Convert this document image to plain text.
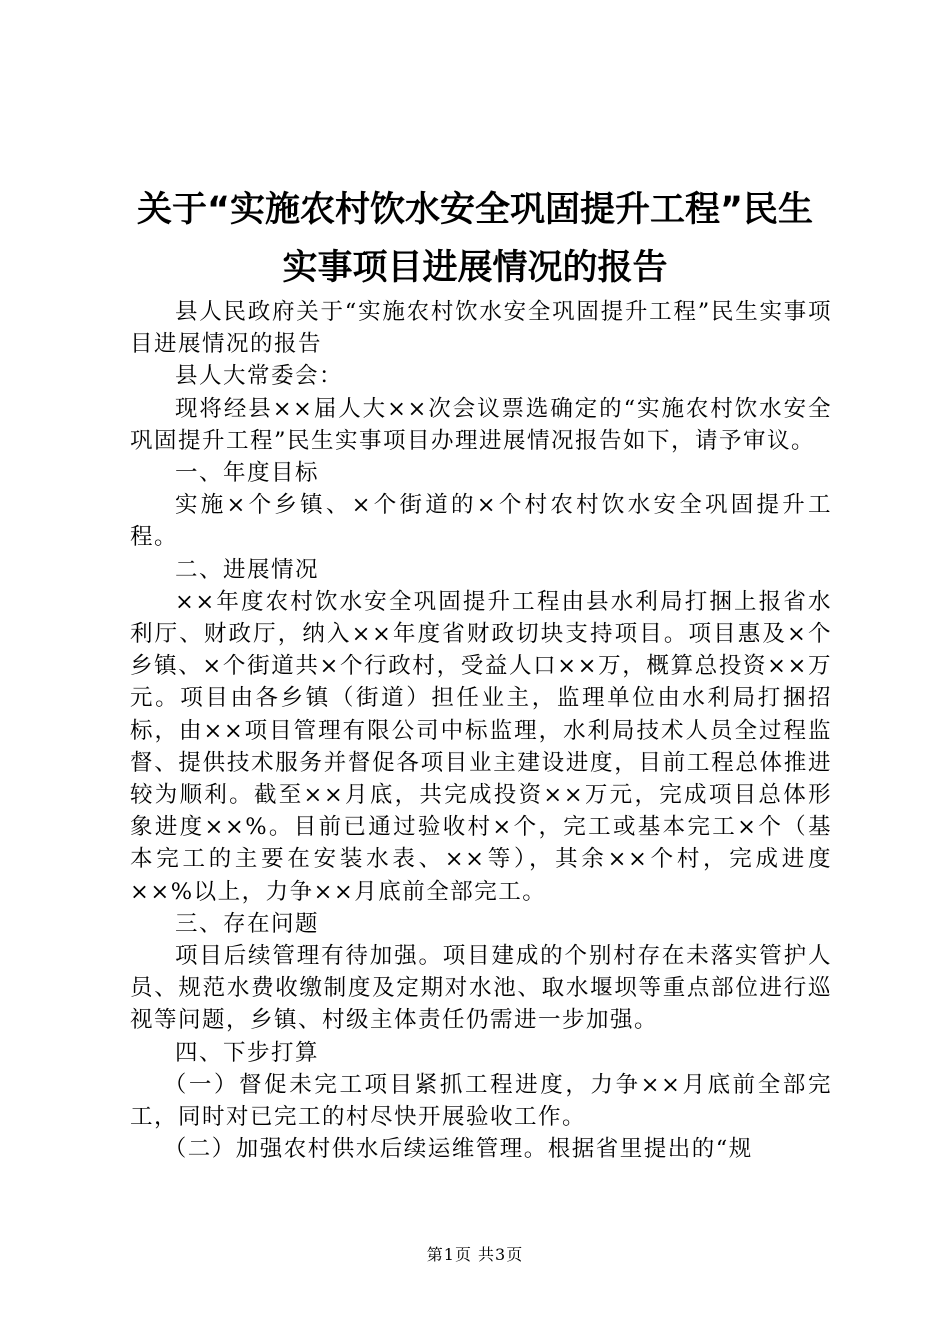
关于“实施农村饮水安全巩固提升工程”民生
实事项目进展情况的报告

县人民政府关于“实施农村饮水安全巩固提升工程”民生实事项目进展情况的报告

县人大常委会：

现将经县××届人大××次会议票选确定的“实施农村饮水安全巩固提升工程”民生实事项目办理进展情况报告如下，请予审议。

一、年度目标

实施×个乡镇、×个街道的×个村农村饮水安全巩固提升工程。

二、进展情况

××年度农村饮水安全巩固提升工程由县水利局打捆上报省水利厅、财政厅，纳入××年度省财政切块支持项目。项目惠及×个乡镇、×个街道共×个行政村，受益人口××万，概算总投资××万元。项目由各乡镇（街道）担任业主，监理单位由水利局打捆招标，由××项目管理有限公司中标监理，水利局技术人员全过程监督、提供技术服务并督促各项目业主建设进度，目前工程总体推进较为顺利。截至××月底，共完成投资××万元，完成项目总体形象进度××%。目前已通过验收村×个，完工或基本完工×个（基本完工的主要在安装水表、××等），其余××个村，完成进度××%以上，力争××月底前全部完工。

三、存在问题

项目后续管理有待加强。项目建成的个别村存在未落实管护人员、规范水费收缴制度及定期对水池、取水堰坝等重点部位进行巡视等问题，乡镇、村级主体责任仍需进一步加强。

四、下步打算

（一）督促未完工项目紧抓工程进度，力争××月底前全部完工，同时对已完工的村尽快开展验收工作。

（二）加强农村供水后续运维管理。根据省里提出的“规

第1页 共3页
